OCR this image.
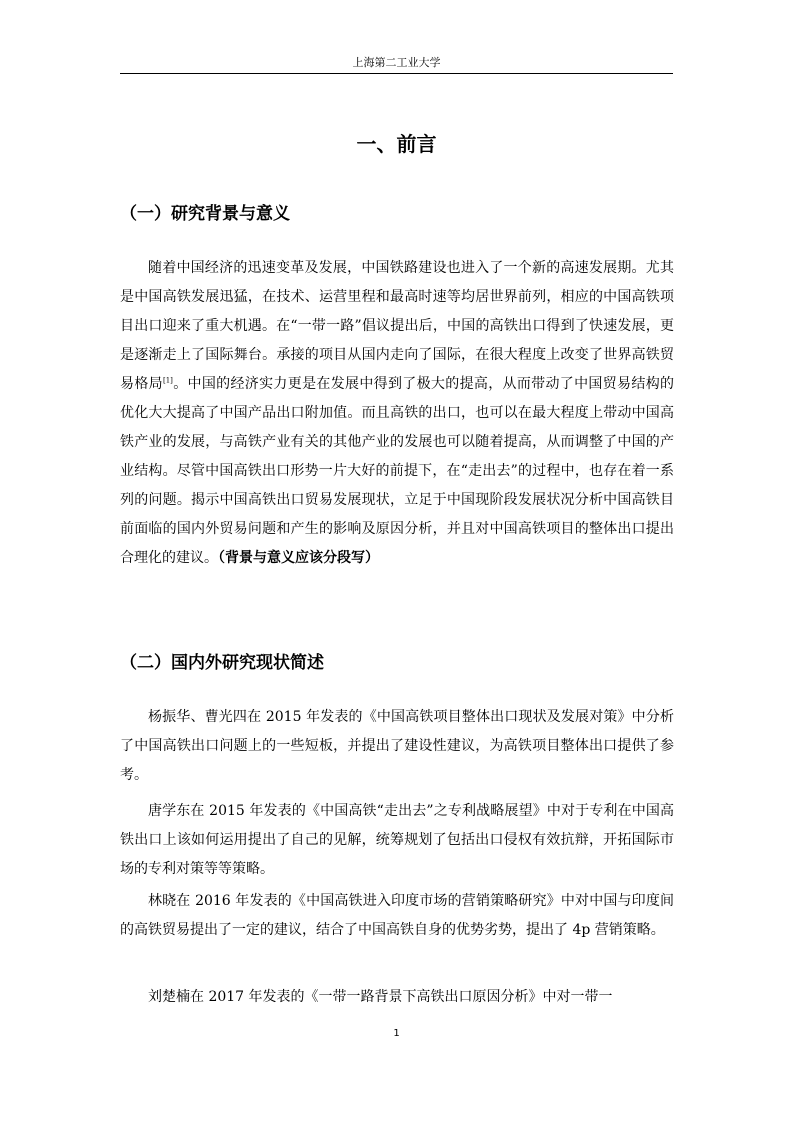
上海第二工业大学
一、前言
（一）研究背景与意义

随着中国经济的迅速变革及发展，中国铁路建设也进入了一个新的高速发展期。尤其是中国高铁发展迅猛，在技术、运营里程和最高时速等均居世界前列，相应的中国高铁项目出口迎来了重大机遇。在“一带一路”倡议提出后，中国的高铁出口得到了快速发展，更是逐渐走上了国际舞台。承接的项目从国内走向了国际，在很大程度上改变了世界高铁贸易格局[1]。中国的经济实力更是在发展中得到了极大的提高，从而带动了中国贸易结构的优化大大提高了中国产品出口附加值。而且高铁的出口，也可以在最大程度上带动中国高铁产业的发展，与高铁产业有关的其他产业的发展也可以随着提高，从而调整了中国的产业结构。尽管中国高铁出口形势一片大好的前提下，在“走出去”的过程中，也存在着一系列的问题。揭示中国高铁出口贸易发展现状，立足于中国现阶段发展状况分析中国高铁目前面临的国内外贸易问题和产生的影响及原因分析，并且对中国高铁项目的整体出口提出合理化的建议。（背景与意义应该分段写）

（二）国内外研究现状简述

杨振华、曹光四在 2015 年发表的《中国高铁项目整体出口现状及发展对策》中分析了中国高铁出口问题上的一些短板，并提出了建设性建议，为高铁项目整体出口提供了参考。

唐学东在 2015 年发表的《中国高铁“走出去”之专利战略展望》中对于专利在中国高铁出口上该如何运用提出了自己的见解，统筹规划了包括出口侵权有效抗辩，开拓国际市场的专利对策等等策略。

林晓在 2016 年发表的《中国高铁进入印度市场的营销策略研究》中对中国与印度间的高铁贸易提出了一定的建议，结合了中国高铁自身的优势劣势，提出了 4p 营销策略。

刘楚楠在 2017 年发表的《一带一路背景下高铁出口原因分析》中对一带一

1
